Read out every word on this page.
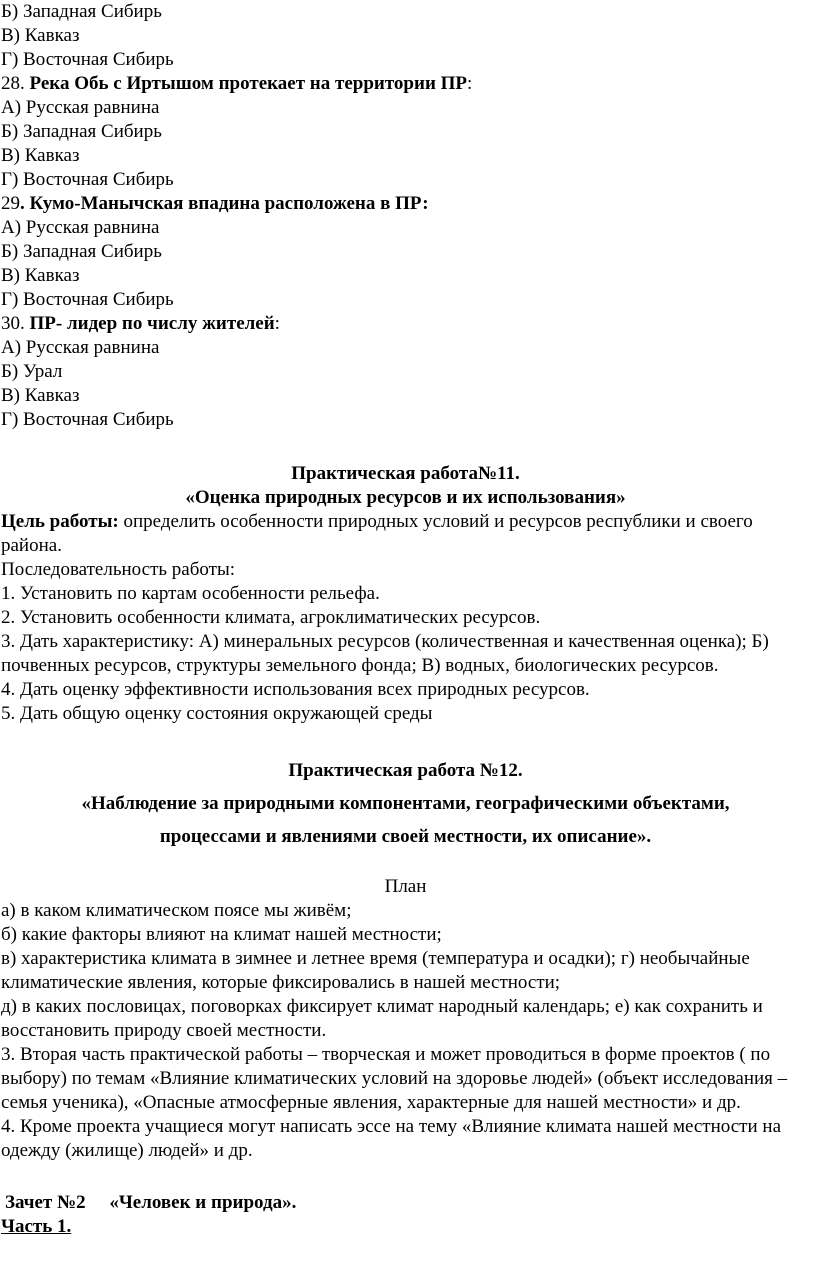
Б) Западная Сибирь
В) Кавказ
Г) Восточная Сибирь
28. Река Обь с Иртышом протекает на территории ПР:
А) Русская равнина
Б) Западная Сибирь
В) Кавказ
Г) Восточная Сибирь
29. Кумо-Манычская впадина расположена в ПР:
А) Русская равнина
Б) Западная Сибирь
В) Кавказ
Г) Восточная Сибирь
30. ПР- лидер по числу жителей:
А) Русская равнина
Б) Урал
В) Кавказ
Г) Восточная Сибирь
Практическая работа№11.
«Оценка природных ресурсов и их использования»
Цель работы: определить особенности природных условий и ресурсов республики и своего района.
Последовательность работы:
1. Установить по картам особенности рельефа.
2. Установить особенности климата, агроклиматических ресурсов.
3. Дать характеристику: А) минеральных ресурсов (количественная и качественная оценка); Б) почвенных ресурсов, структуры земельного фонда; В) водных, биологических ресурсов.
4. Дать оценку эффективности использования всех природных ресурсов.
5. Дать общую оценку состояния окружающей среды
Практическая работа №12.
«Наблюдение за природными компонентами, географическими объектами,
процессами и явлениями своей местности, их описание».
План
а) в каком климатическом поясе мы живём;
б) какие факторы влияют на климат нашей местности;
в) характеристика климата в зимнее и летнее время (температура и осадки); г) необычайные климатические явления, которые фиксировались в нашей местности;
д) в каких пословицах, поговорках фиксирует климат народный календарь; е) как сохранить и восстановить природу своей местности.
3. Вторая часть практической работы – творческая и может проводиться в форме проектов ( по выбору) по темам «Влияние климатических условий на здоровье людей» (объект исследования – семья ученика), «Опасные атмосферные явления, характерные для нашей местности» и др.
4. Кроме проекта учащиеся могут написать эссе на тему «Влияние климата нашей местности на одежду (жилище) людей» и др.
Зачет №2     «Человек и природа».
Часть 1.
